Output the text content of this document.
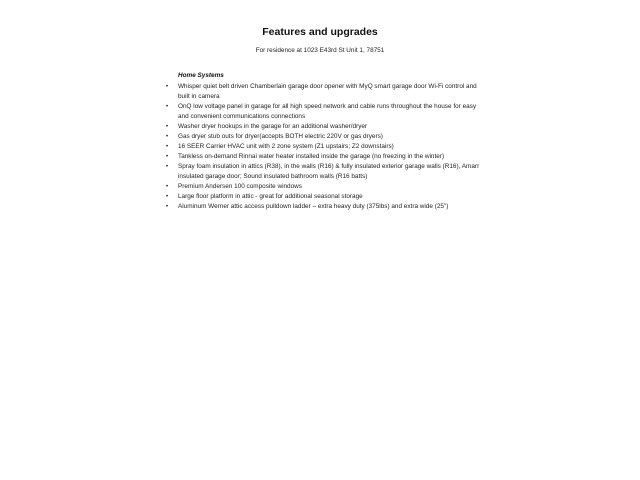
Features and upgrades

For residence at 1023 E43rd St Unit 1, 78751

Home Systems

• Whisper quiet belt driven Chamberlain garage door opener with MyQ smart garage door Wi-Fi control and built in camera
• OnQ low voltage panel in garage for all high speed network and cable runs throughout the house for easy and convenient communications connections
• Washer dryer hookups in the garage for an additional washer/dryer
• Gas dryer stub outs for dryer(accepts BOTH electric 220V or gas dryers)
• 16 SEER Carrier HVAC unit with 2 zone system (Z1 upstairs; Z2 downstairs)
• Tankless on-demand Rinnai water heater installed inside the garage (no freezing in the winter)
• Spray foam insulation in attics (R38), in the walls (R16) & fully insulated exterior garage walls (R16), Amarr insulated garage door; Sound insulated bathroom walls (R16 batts)
• Premium Andersen 100 composite windows
• Large floor platform in attic - great for additional seasonal storage
• Aluminum Werner attic access pulldown ladder – extra heavy duty (375lbs) and extra wide (25")
